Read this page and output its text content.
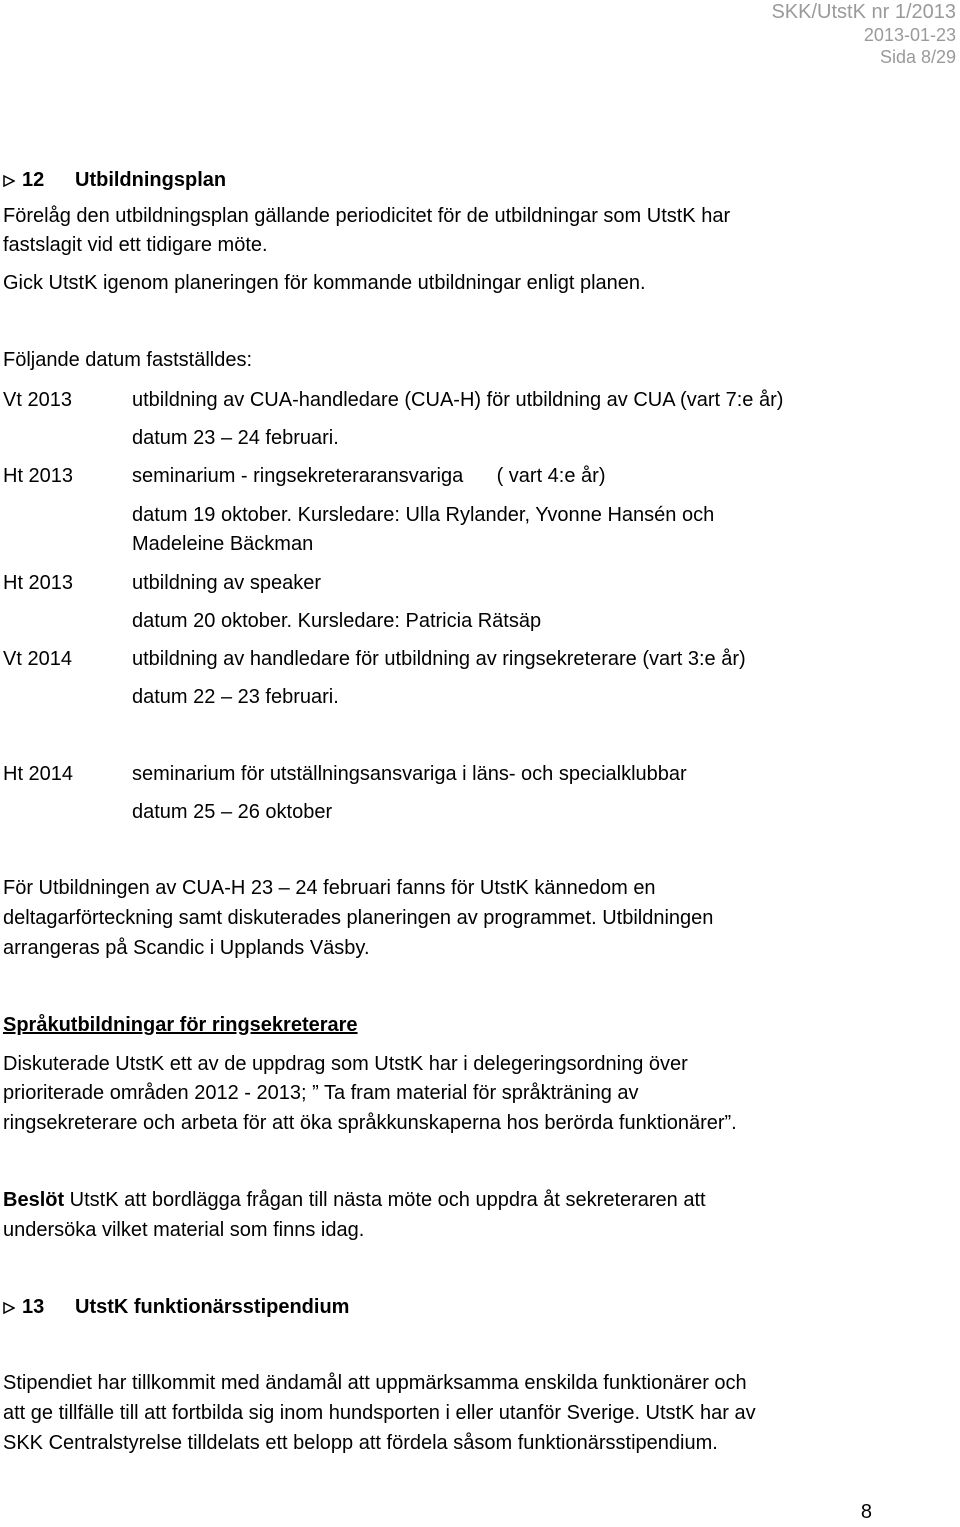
SKK/UtstK nr 1/2013
2013-01-23
Sida 8/29
12 Utbildningsplan
Förelåg den utbildningsplan gällande periodicitet för de utbildningar som UtstK har
fastslagit vid ett tidigare möte.
Gick UtstK igenom planeringen för kommande utbildningar enligt planen.
Följande datum fastställdes:
Vt 2013	utbildning av CUA-handledare (CUA-H) för utbildning av CUA (vart 7:e år)
datum 23 – 24 februari.
Ht 2013	seminarium - ringsekreteraransvariga      ( vart 4:e år)
datum 19 oktober. Kursledare: Ulla Rylander, Yvonne Hansén och
Madeleine Bäckman
Ht 2013	utbildning av speaker
datum 20 oktober. Kursledare: Patricia Rätsäp
Vt 2014	utbildning av handledare för utbildning av ringsekreterare (vart 3:e år)
datum 22 – 23 februari.
Ht 2014	seminarium för utställningsansvariga i läns- och specialklubbar
datum 25 – 26 oktober
För Utbildningen av CUA-H 23 – 24 februari fanns för UtstK kännedom en
deltagarförteckning samt diskuterades planeringen av programmet. Utbildningen
arrangeras på Scandic i Upplands Väsby.
Språkutbildningar för ringsekreterare
Diskuterade UtstK ett av de uppdrag som UtstK har i delegeringsordning över
prioriterade områden 2012 - 2013; ” Ta fram material för språkträning av
ringsekreterare och arbeta för att öka språkkunskaperna hos berörda funktionärer”.
Beslöt UtstK att bordlägga frågan till nästa möte och uppdra åt sekreteraren att
undersöka vilket material som finns idag.
13 UtstK funktionärsstipendium
Stipendiet har tillkommit med ändamål att uppmärksamma enskilda funktionärer och
att ge tillfälle till att fortbilda sig inom hundsporten i eller utanför Sverige. UtstK har av
SKK Centralstyrelse tilldelats ett belopp att fördela såsom funktionärsstipendium.
8
